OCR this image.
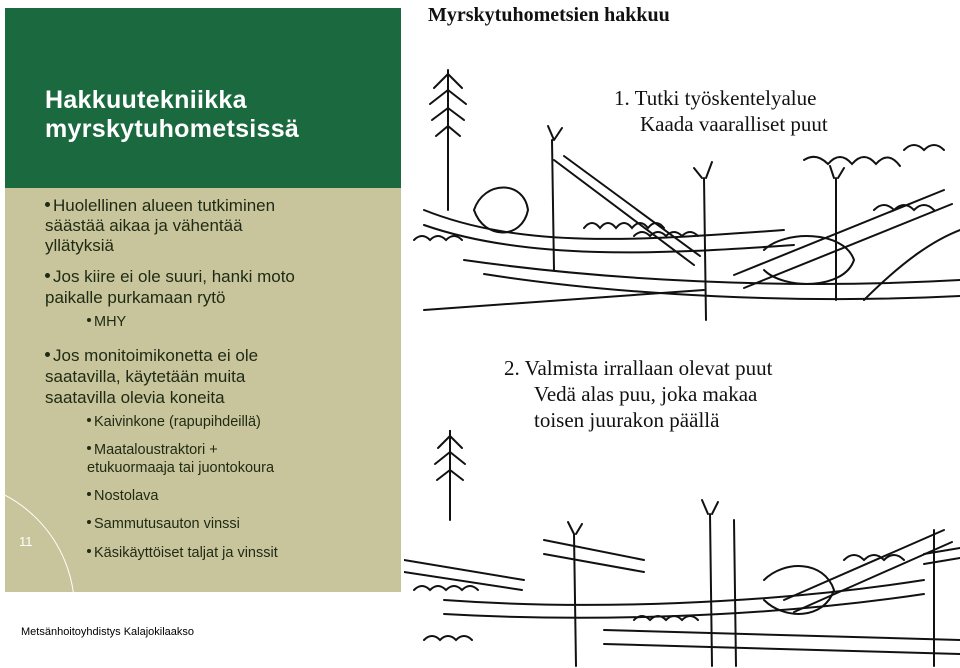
Hakkuutekniikka
myrskytuhometsissä
11
Huolellinen alueen tutkiminen
säästää aikaa ja vähentää
yllätyksiä
Jos kiire ei ole suuri, hanki moto
paikalle purkamaan rytö
MHY
Jos monitoimikonetta ei ole
saatavilla, käytetään muita
saatavilla olevia koneita
Kaivinkone (rapupihdeillä)
Maataloustraktori +
etukuormaaja tai juontokoura
Nostolava
Sammutusauton vinssi
Käsikäyttöiset taljat ja vinssit
Metsänhoitoyhdistys Kalajokilaakso
Myrskytuhometsien hakkuu
1. Tutki työskentelyalue
Kaada vaaralliset puut
2. Valmista irrallaan olevat puut
Vedä alas puu, joka makaa
toisen juurakon päällä
